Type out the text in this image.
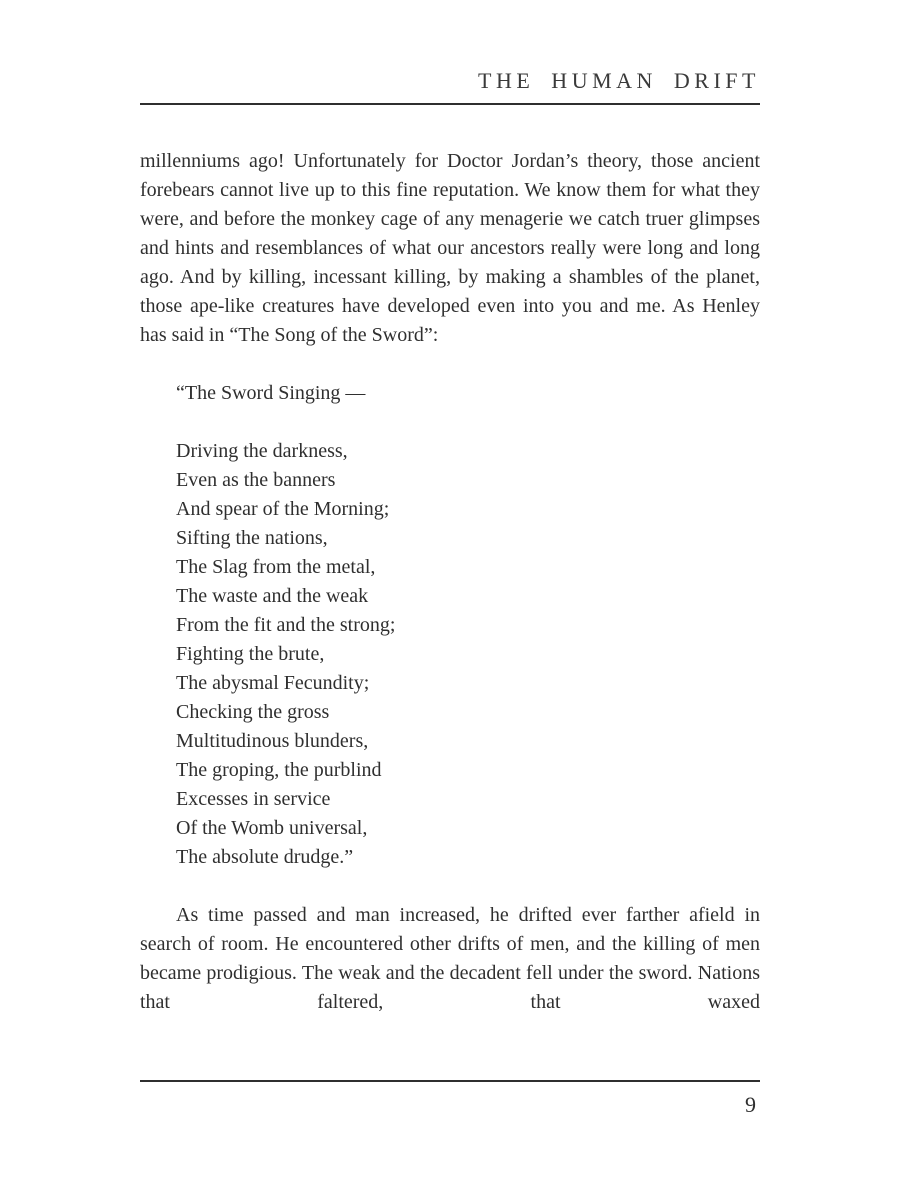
THE HUMAN DRIFT

millenniums ago! Unfortunately for Doctor Jordan’s theory, those ancient forebears cannot live up to this fine reputation. We know them for what they were, and before the monkey cage of any menagerie we catch truer glimpses and hints and resemblances of what our ancestors really were long and long ago. And by killing, incessant killing, by making a shambles of the planet, those ape-like creatures have developed even into you and me. As Henley has said in “The Song of the Sword”:

“The Sword Singing —
Driving the darkness,
Even as the banners
And spear of the Morning;
Sifting the nations,
The Slag from the metal,
The waste and the weak
From the fit and the strong;
Fighting the brute,
The abysmal Fecundity;
Checking the gross
Multitudinous blunders,
The groping, the purblind
Excesses in service
Of the Womb universal,
The absolute drudge.”

As time passed and man increased, he drifted ever farther afield in search of room. He encountered other drifts of men, and the killing of men became prodigious. The weak and the decadent fell under the sword. Nations that faltered, that waxed

9
